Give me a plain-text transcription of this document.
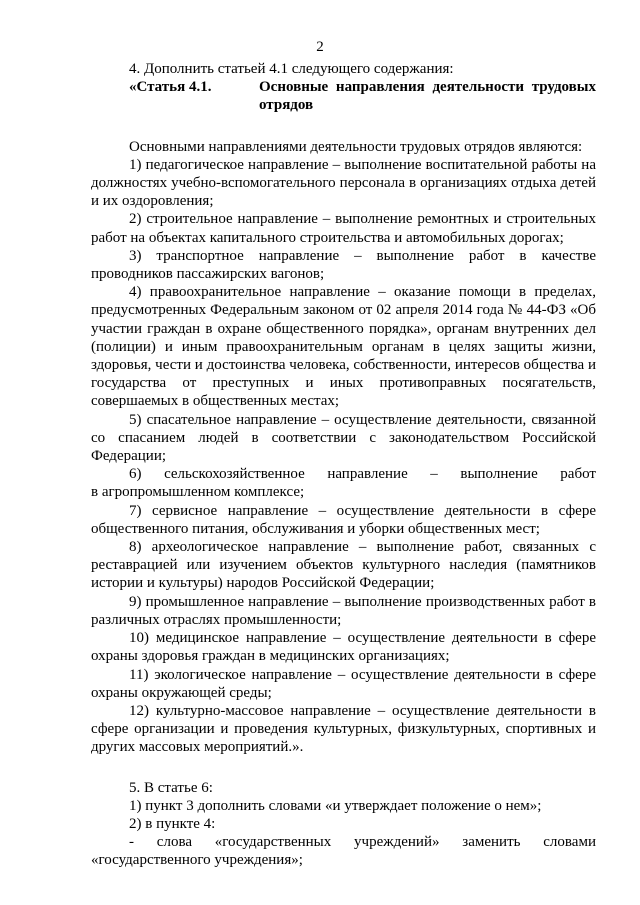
2

4. Дополнить статьей 4.1 следующего содержания:

«Статья 4.1.	Основные направления деятельности трудовых отрядов

Основными направлениями деятельности трудовых отрядов являются:

1) педагогическое направление – выполнение воспитательной работы на должностях учебно-вспомогательного персонала в организациях отдыха детей и их оздоровления;

2) строительное направление – выполнение ремонтных и строительных работ на объектах капитального строительства и автомобильных дорогах;

3) транспортное направление – выполнение работ в качестве проводников пассажирских вагонов;

4) правоохранительное направление – оказание помощи в пределах, предусмотренных Федеральным законом от 02 апреля 2014 года № 44-ФЗ «Об участии граждан в охране общественного порядка», органам внутренних дел (полиции) и иным правоохранительным органам в целях защиты жизни, здоровья, чести и достоинства человека, собственности, интересов общества и государства от преступных и иных противоправных посягательств, совершаемых в общественных местах;

5) спасательное направление – осуществление деятельности, связанной со спасанием людей в соответствии с законодательством Российской Федерации;

6) сельскохозяйственное направление – выполнение работ

в агропромышленном комплексе;

7) сервисное направление – осуществление деятельности в сфере общественного питания, обслуживания и уборки общественных мест;

8) археологическое направление – выполнение работ, связанных с реставрацией или изучением объектов культурного наследия (памятников истории и культуры) народов Российской Федерации;

9) промышленное направление – выполнение производственных работ в различных отраслях промышленности;

10) медицинское направление – осуществление деятельности в сфере охраны здоровья граждан в медицинских организациях;

11) экологическое направление – осуществление деятельности в сфере охраны окружающей среды;

12) культурно-массовое направление – осуществление деятельности в сфере организации и проведения культурных, физкультурных, спортивных и других массовых мероприятий.».

5. В статье 6:

1) пункт 3 дополнить словами «и утверждает положение о нем»;

2) в пункте 4:

- слова «государственных учреждений» заменить словами

«государственного учреждения»;
